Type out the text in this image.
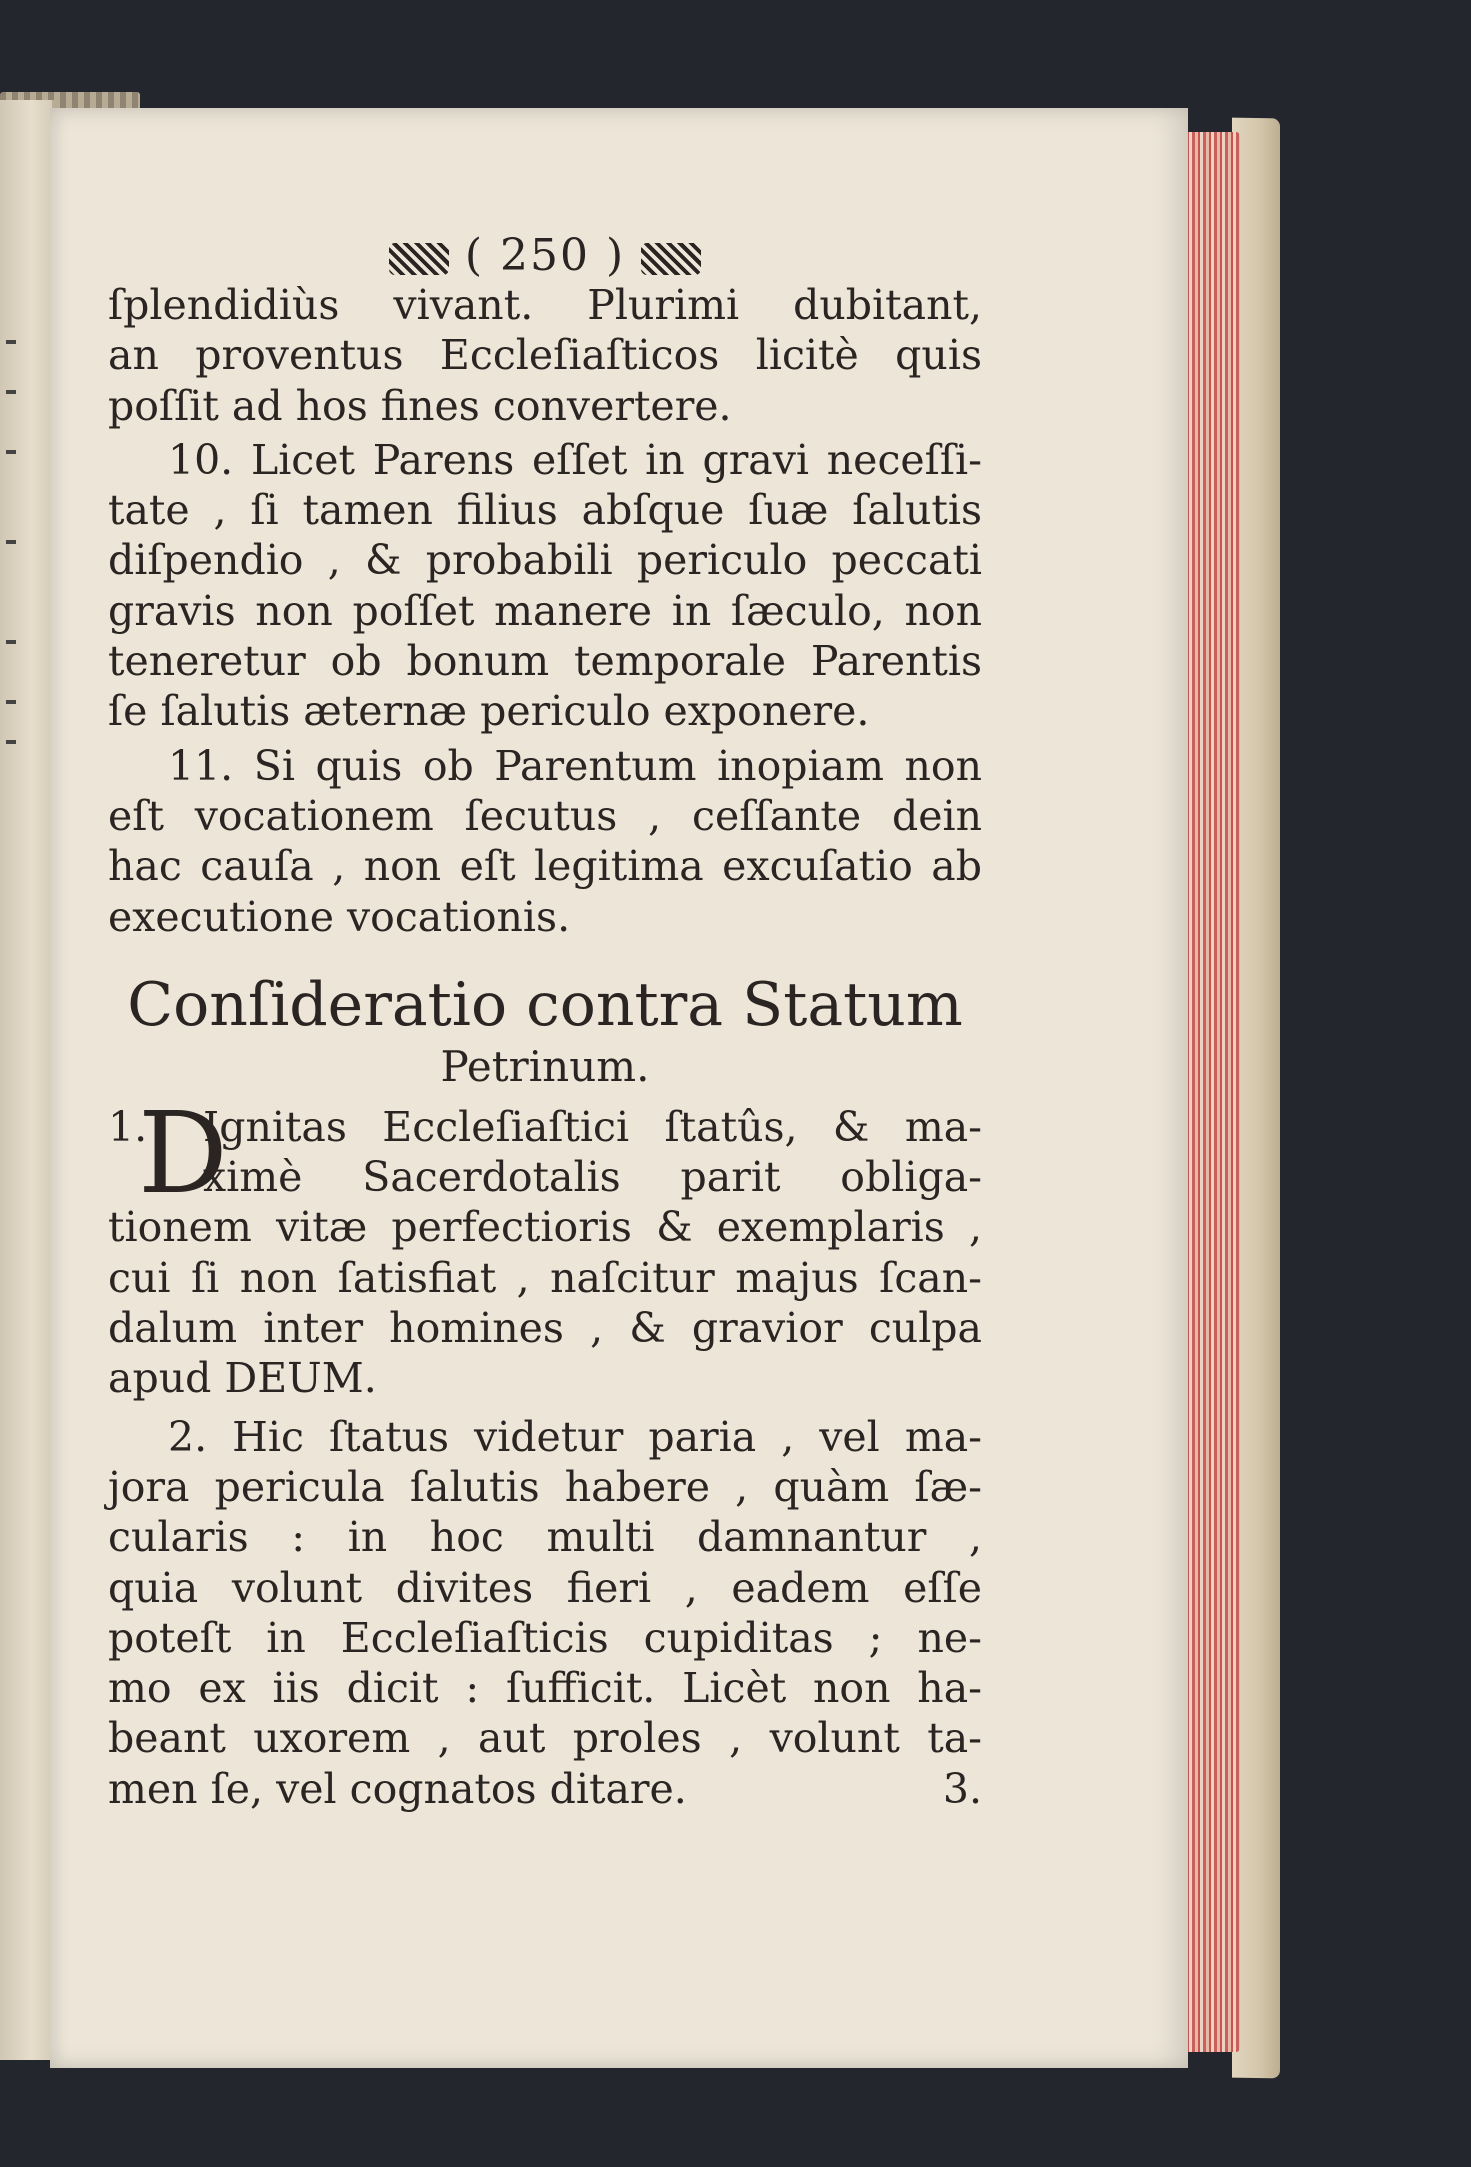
( 250 )
ſplendidiùs vivant. Plurimi dubitant,
an proventus Eccleſiaſticos licitè quis
poſſit ad hos fines convertere.
10. Licet Parens eſſet in gravi neceſſi-
tate , ſi tamen filius abſque ſuæ ſalutis
diſpendio , & probabili periculo peccati
gravis non poſſet manere in ſæculo, non
teneretur ob bonum temporale Parentis
ſe ſalutis æternæ periculo exponere.
11. Si quis ob Parentum inopiam non
eſt vocationem ſecutus , ceſſante dein
hac cauſa , non eſt legitima excuſatio ab
executione vocationis.
Conſideratio contra Statum
Petrinum.
1.
D
Ignitas Eccleſiaſtici ſtatûs, & ma-
ximè Sacerdotalis parit obliga-
tionem vitæ perfectioris & exemplaris ,
cui ſi non ſatisfiat , naſcitur majus ſcan-
dalum inter homines , & gravior culpa
apud DEUM.
2. Hic ſtatus videtur paria , vel ma-
jora pericula ſalutis habere , quàm ſæ-
cularis : in hoc multi damnantur ,
quia volunt divites fieri , eadem eſſe
poteſt in Eccleſiaſticis cupiditas ; ne-
mo ex iis dicit : ſufficit. Licèt non ha-
beant uxorem , aut proles , volunt ta-
men ſe, vel cognatos ditare.	3.
